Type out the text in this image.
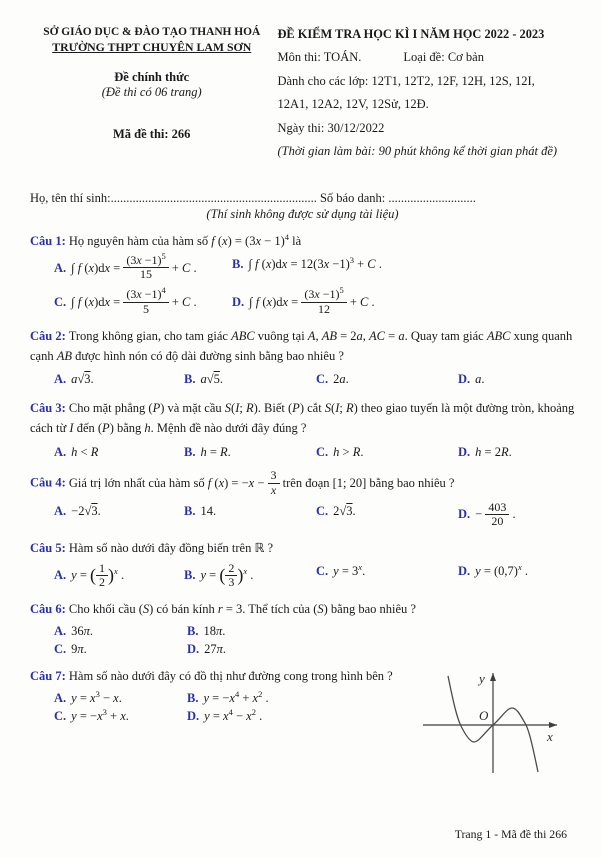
SỞ GIÁO DỤC & ĐÀO TẠO THANH HOÁ
TRƯỜNG THPT CHUYÊN LAM SƠN
Đề chính thức
(Đề thi có 06 trang)
Mã đề thi: 266
ĐỀ KIỂM TRA HỌC KÌ I NĂM HỌC 2022 - 2023
Môn thi: TOÁN.	Loại đề: Cơ bản
Dành cho các lớp: 12T1, 12T2, 12F, 12H, 12S, 12I,
12A1, 12A2, 12V, 12Sử, 12Đ.
Ngày thi: 30/12/2022
(Thời gian làm bài: 90 phút không kể thời gian phát đề)
Họ, tên thí sinh:.................................................................. Số báo danh: ............................
(Thí sinh không được sử dụng tài liệu)

Câu 1: Họ nguyên hàm của hàm số f $(x) = (3x - 1)^4$ là

A. ∫ f $(x)dx = \frac{(3x -1)^5}{15} + C$ .	B. ∫ f $(x)dx = 12(3x -1)^3 + C$ .
C. ∫ f $(x)dx = \frac{(3x -1)^4}{5} + C$ .	D. ∫ f $(x)dx = \frac{(3x -1)^5}{12} + C$ .

Câu 2: Trong không gian, cho tam giác ABC vuông tại A, AB = 2a, AC = a. Quay tam giác ABC xung quanh cạnh AB được hình nón có độ dài đường sinh bằng bao nhiêu ?

A. a√3.	B. a√5.	C. 2a.	D. a.

Câu 3: Cho mặt phẳng (P) và mặt cầu S(I; R). Biết (P) cắt S(I; R) theo giao tuyến là một đường tròn, khoảng cách từ I đến (P) bằng h. Mệnh đề nào dưới đây đúng ?

A. h < R	B. h = R.	C. h > R.	D. h = 2R.

Câu 4: Giá trị lớn nhất của hàm số f $(x) = -x - \frac{3}{x}$ trên đoạn [1; 20] bằng bao nhiêu ?

A. −2√3.	B. 14.	C. 2√3.	D. − $\frac{403}{20}$ .

Câu 5: Hàm số nào dưới đây đồng biến trên ℝ ?

A. y = ( $\frac{1}{2} )^x$ .	B. y = ( $\frac{2}{3} )^x$ .	C. $y = 3^x$.	D. $y = (0,7)^x$ .

Câu 6: Cho khối cầu (S) có bán kính r = 3. Thể tích của (S) bằng bao nhiêu ?

A. 36π.	B. 18π.
C. 9π.	D. 27π.

Câu 7: Hàm số nào dưới đây có đồ thị như đường cong trong hình bên ?

A. $y = x^3 - x$.	B. $y = -x^4 + x^2$ .
C. $y = -x^3 + x$.	D. $y = x^4 - x^2$ .
y
x
O
Trang 1 - Mã đề thi 266
